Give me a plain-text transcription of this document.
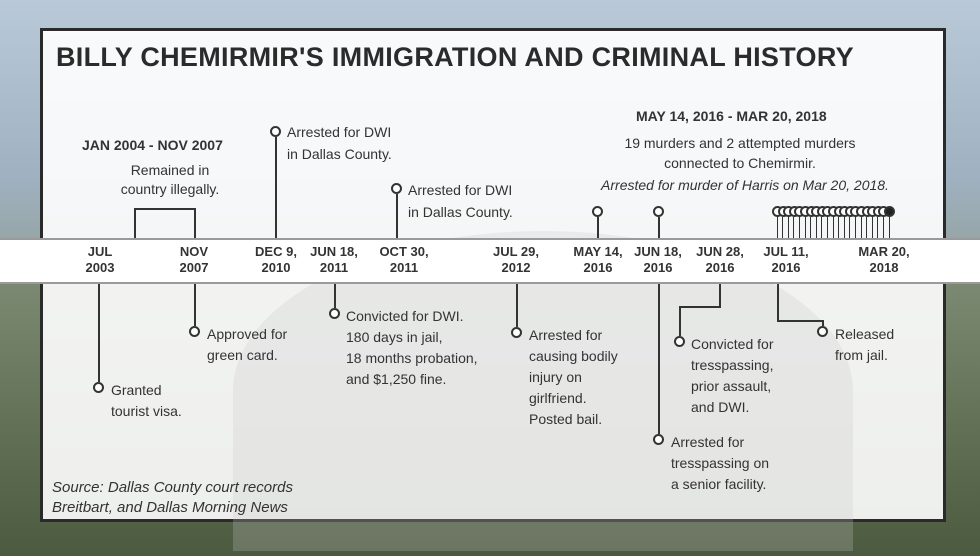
BILLY CHEMIRMIR'S IMMIGRATION AND CRIMINAL HISTORY
JAN 2004 - NOV 2007
Remained in
country illegally.
MAY 14, 2016 - MAR 20, 2018
19 murders and 2 attempted murders
connected to Chemirmir.
Arrested for murder of Harris on Mar 20, 2018.
Arrested for DWI
in Dallas County.
Arrested for DWI
in Dallas County.
JUL
2003
NOV
2007
DEC 9,
2010
JUN 18,
2011
OCT 30,
2011
JUL 29,
2012
MAY 14,
2016
JUN 18,
2016
JUN 28,
2016
JUL 11,
2016
MAR 20,
2018
Granted
tourist visa.
Approved for
green card.
Convicted for DWI.
180 days in jail,
18 months probation,
and $1,250 fine.
Arrested for
causing bodily
injury on
girlfriend.
Posted bail.
Arrested for
tresspassing on
a senior facility.
Convicted for
tresspassing,
prior assault,
and DWI.
Released
from jail.
Source: Dallas County court records
Breitbart, and Dallas Morning News
